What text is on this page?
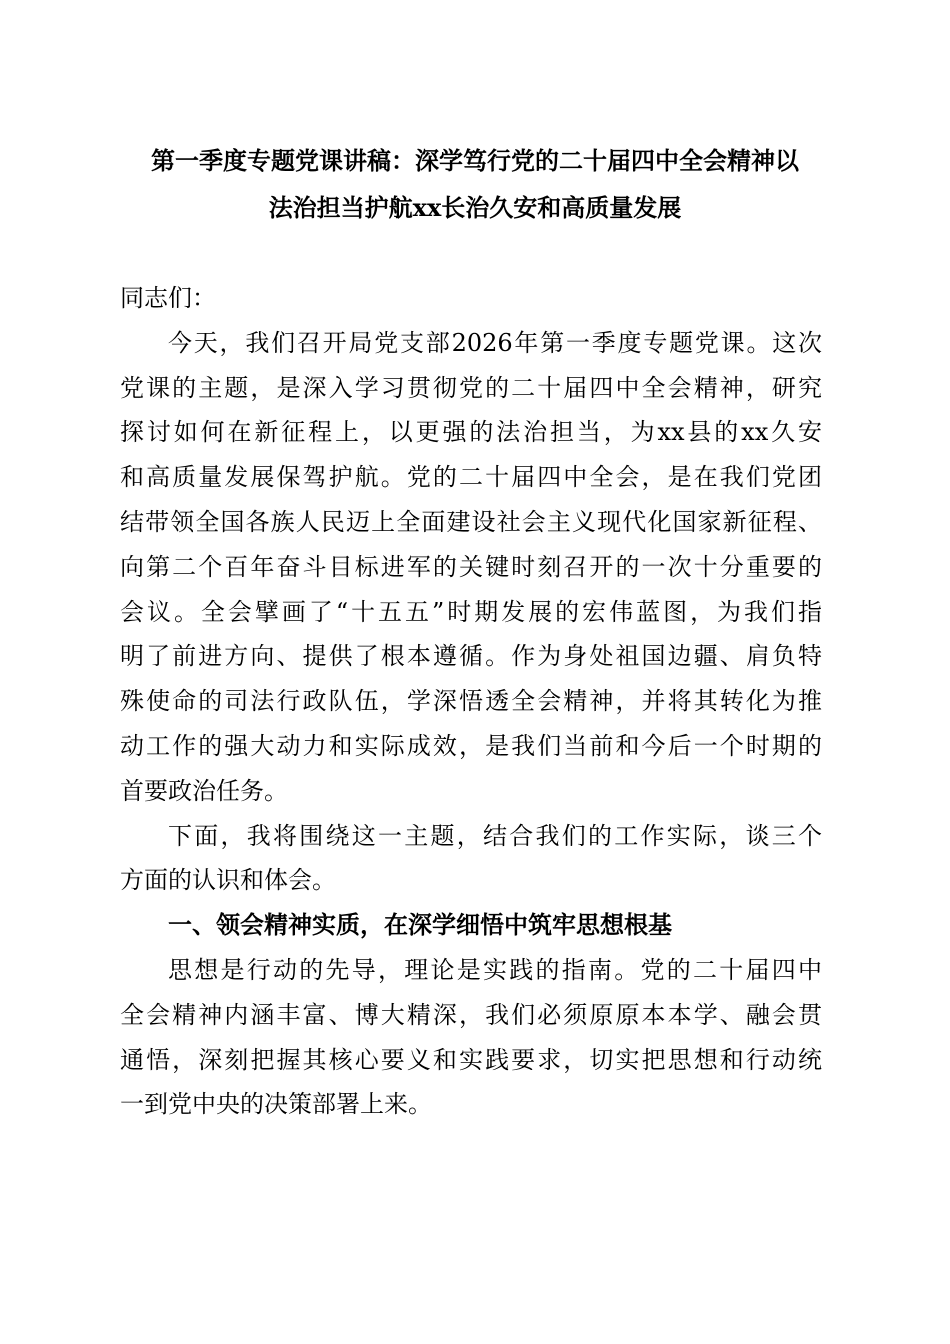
第一季度专题党课讲稿：深学笃行党的二十届四中全会精神以
法治担当护航xx长治久安和高质量发展
同志们：
今天，我们召开局党支部2026年第一季度专题党课。这次
党课的主题，是深入学习贯彻党的二十届四中全会精神，研究
探讨如何在新征程上，以更强的法治担当，为xx县的xx久安
和高质量发展保驾护航。党的二十届四中全会，是在我们党团
结带领全国各族人民迈上全面建设社会主义现代化国家新征程、
向第二个百年奋斗目标进军的关键时刻召开的一次十分重要的
会议。全会擘画了“十五五”时期发展的宏伟蓝图，为我们指
明了前进方向、提供了根本遵循。作为身处祖国边疆、肩负特
殊使命的司法行政队伍，学深悟透全会精神，并将其转化为推
动工作的强大动力和实际成效，是我们当前和今后一个时期的
首要政治任务。
下面，我将围绕这一主题，结合我们的工作实际，谈三个
方面的认识和体会。
一、领会精神实质，在深学细悟中筑牢思想根基
思想是行动的先导，理论是实践的指南。党的二十届四中
全会精神内涵丰富、博大精深，我们必须原原本本学、融会贯
通悟，深刻把握其核心要义和实践要求，切实把思想和行动统
一到党中央的决策部署上来。
